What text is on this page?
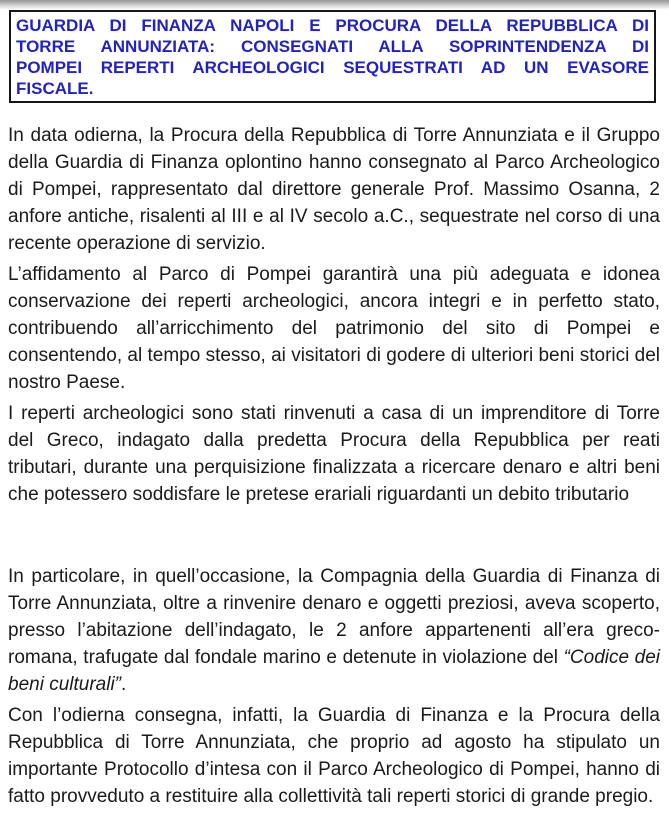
GUARDIA DI FINANZA NAPOLI E PROCURA DELLA REPUBBLICA DI
TORRE ANNUNZIATA: CONSEGNATI ALLA SOPRINTENDENZA DI
POMPEI REPERTI ARCHEOLOGICI SEQUESTRATI AD UN EVASORE
FISCALE.

In data odierna, la Procura della Repubblica di Torre Annunziata e il Gruppo della Guardia di Finanza oplontino hanno consegnato al Parco Archeologico di Pompei, rappresentato dal direttore generale Prof. Massimo Osanna, 2 anfore antiche, risalenti al III e al IV secolo a.C., sequestrate nel corso di una recente operazione di servizio.

L’affidamento al Parco di Pompei garantirà una più adeguata e idonea conservazione dei reperti archeologici, ancora integri e in perfetto stato, contribuendo all’arricchimento del patrimonio del sito di Pompei e consentendo, al tempo stesso, ai visitatori di godere di ulteriori beni storici del nostro Paese.

I reperti archeologici sono stati rinvenuti a casa di un imprenditore di Torre del Greco, indagato dalla predetta Procura della Repubblica per reati tributari, durante una perquisizione finalizzata a ricercare denaro e altri beni che potessero soddisfare le pretese erariali riguardanti un debito tributario

In particolare, in quell’occasione, la Compagnia della Guardia di Finanza di Torre Annunziata, oltre a rinvenire denaro e oggetti preziosi, aveva scoperto, presso l’abitazione dell’indagato, le 2 anfore appartenenti all’era greco-romana, trafugate dal fondale marino e detenute in violazione del “Codice dei beni culturali”.

Con l’odierna consegna, infatti, la Guardia di Finanza e la Procura della Repubblica di Torre Annunziata, che proprio ad agosto ha stipulato un importante Protocollo d’intesa con il Parco Archeologico di Pompei, hanno di fatto provveduto a restituire alla collettività tali reperti storici di grande pregio.
